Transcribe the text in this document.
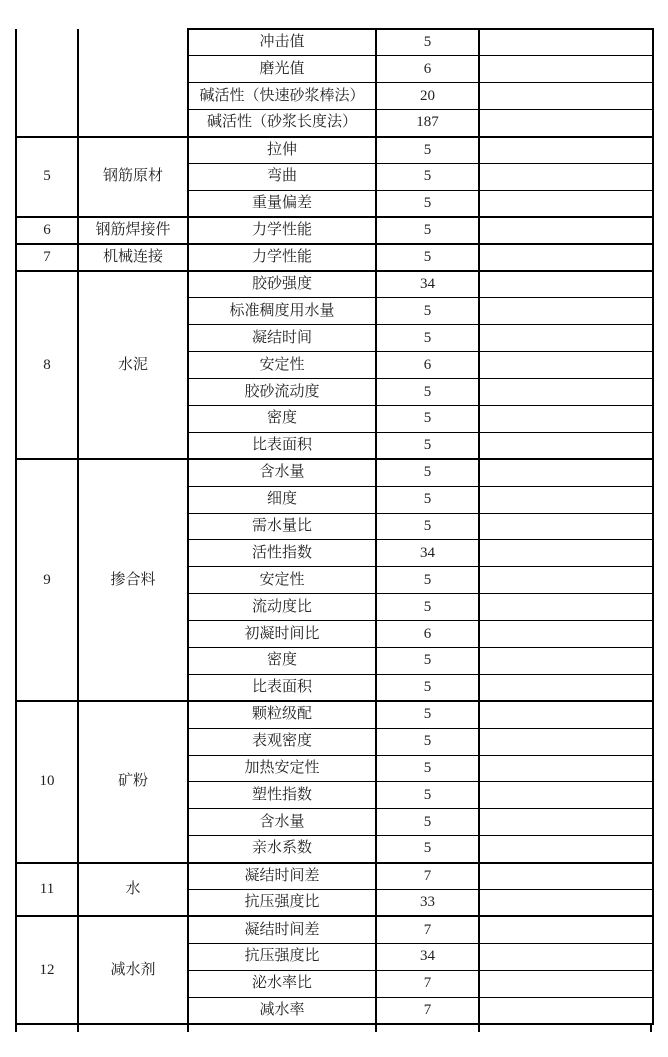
		冲击值	5	
		磨光值	6	
		碱活性（快速砂浆棒法）	20	
		碱活性（砂浆长度法）	187	
5	钢筋原材	拉伸	5	
		弯曲	5	
		重量偏差	5	
6	钢筋焊接件	力学性能	5	
7	机械连接	力学性能	5	
8	水泥	胶砂强度	34	
		标准稠度用水量	5	
		凝结时间	5	
		安定性	6	
		胶砂流动度	5	
		密度	5	
		比表面积	5	
9	掺合料	含水量	5	
		细度	5	
		需水量比	5	
		活性指数	34	
		安定性	5	
		流动度比	5	
		初凝时间比	6	
		密度	5	
		比表面积	5	
10	矿粉	颗粒级配	5	
		表观密度	5	
		加热安定性	5	
		塑性指数	5	
		含水量	5	
		亲水系数	5	
11	水	凝结时间差	7	
		抗压强度比	33	
12	减水剂	凝结时间差	7	
		抗压强度比	34	
		泌水率比	7	
		减水率	7	
